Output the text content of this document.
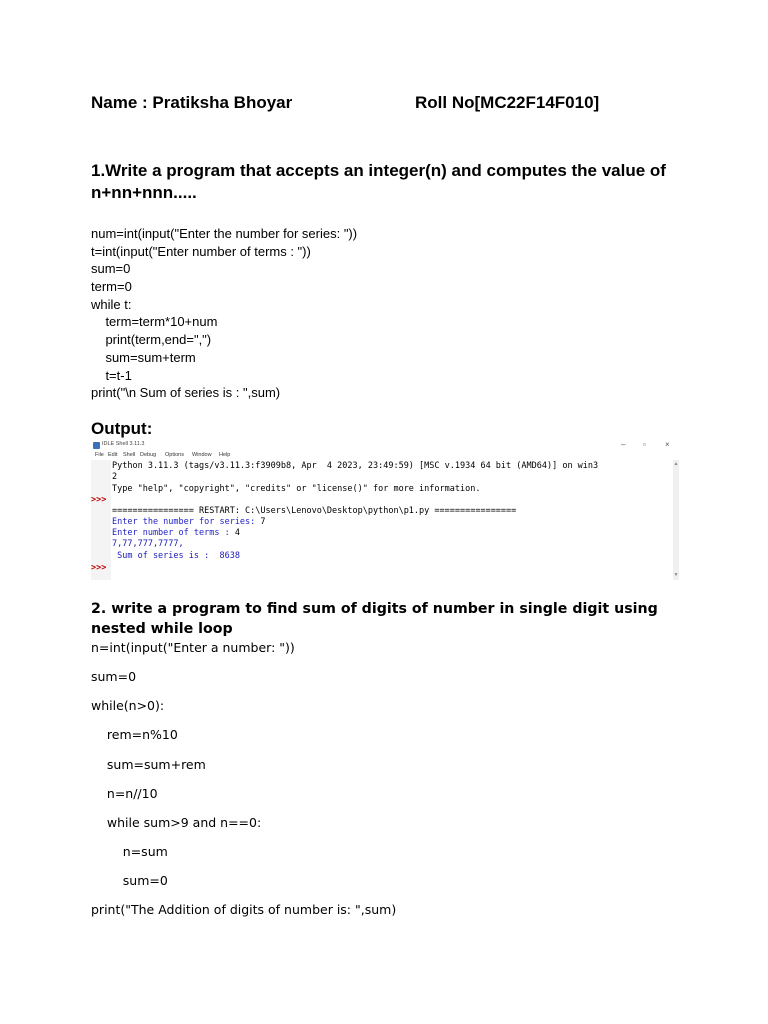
Name : Pratiksha Bhoyar	Roll No[MC22F14F010]
1.Write a program that accepts an integer(n) and computes the value of n+nn+nnn.....
num=int(input("Enter the number for series: "))
t=int(input("Enter number of terms : "))
sum=0
term=0
while t:
term=term*10+num
print(term,end=",")
sum=sum+term
t=t-1
print("\n Sum of series is : ",sum)
Output:
IDLE Shell 3.11.3	– ▫ ×
File Edit Shell Debug Options Window Help
>>>
>>>
Python 3.11.3 (tags/v3.11.3:f3909b8, Apr  4 2023, 23:49:59) [MSC v.1934 64 bit (AMD64)] on win3
2
Type "help", "copyright", "credits" or "license()" for more information.
================ RESTART: C:\Users\Lenovo\Desktop\python\p1.py ================
Enter the number for series: 7
Enter number of terms : 4
7,77,777,7777,
Sum of series is :  8638
▲
▼
2. write a program to find sum of digits of number in single digit using nested while loop
n=int(input("Enter a number: "))
sum=0
while(n>0):
rem=n%10
sum=sum+rem
n=n//10
while sum>9 and n==0:
n=sum
sum=0
print("The Addition of digits of number is: ",sum)
